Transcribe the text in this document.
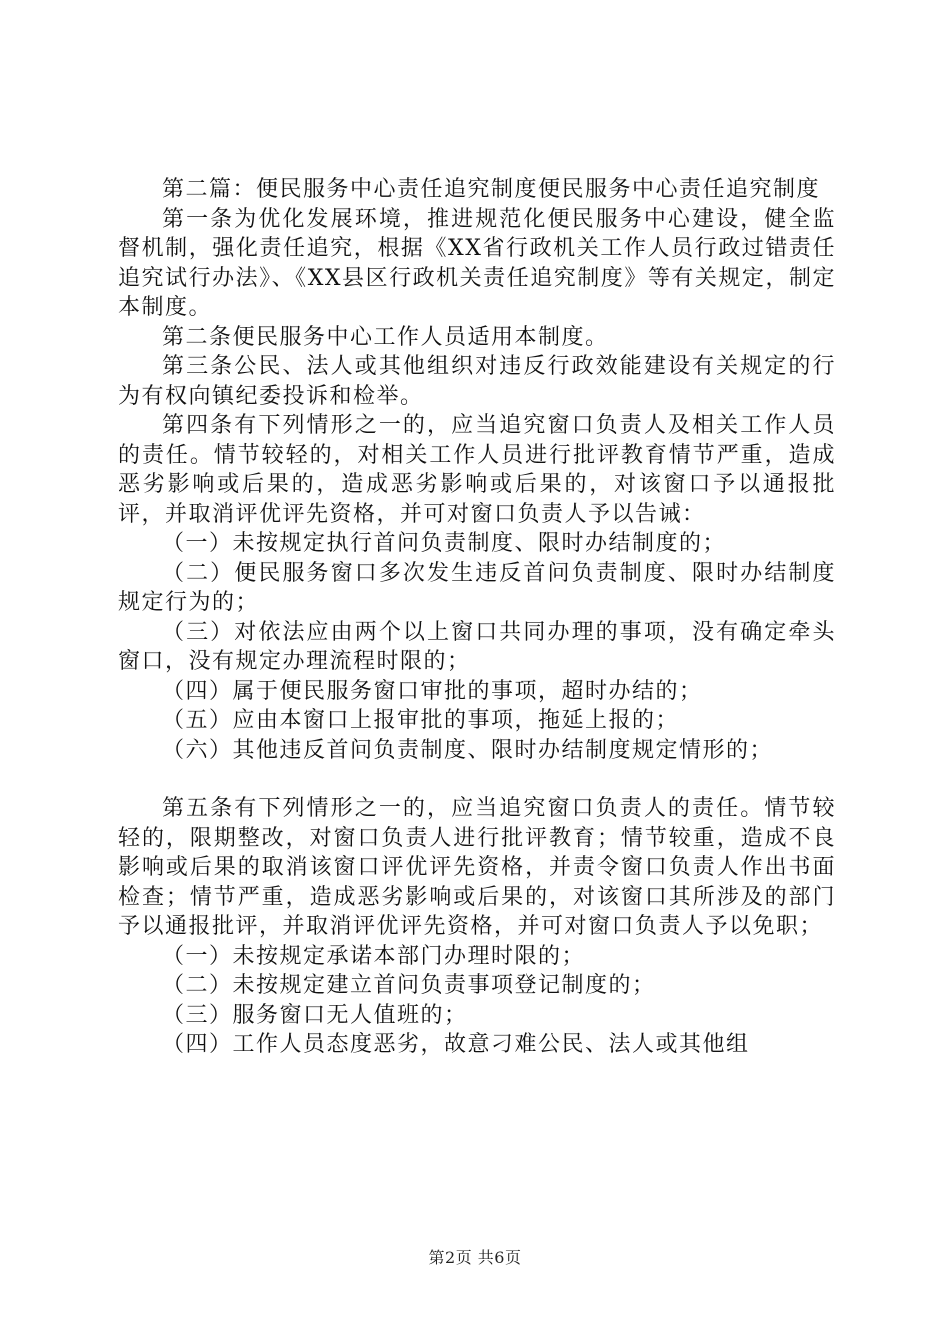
第二篇：便民服务中心责任追究制度便民服务中心责任追究制度

第一条为优化发展环境，推进规范化便民服务中心建设，健全监督机制，强化责任追究，根据《XX省行政机关工作人员行政过错责任追究试行办法》、《XX县区行政机关责任追究制度》等有关规定，制定本制度。

第二条便民服务中心工作人员适用本制度。

第三条公民、法人或其他组织对违反行政效能建设有关规定的行为有权向镇纪委投诉和检举。

第四条有下列情形之一的，应当追究窗口负责人及相关工作人员的责任。情节较轻的，对相关工作人员进行批评教育情节严重，造成恶劣影响或后果的，造成恶劣影响或后果的，对该窗口予以通报批评，并取消评优评先资格，并可对窗口负责人予以告诫：

（一）未按规定执行首问负责制度、限时办结制度的；

（二）便民服务窗口多次发生违反首问负责制度、限时办结制度规定行为的；

（三）对依法应由两个以上窗口共同办理的事项，没有确定牵头窗口，没有规定办理流程时限的；

（四）属于便民服务窗口审批的事项，超时办结的；

（五）应由本窗口上报审批的事项，拖延上报的；

（六）其他违反首问负责制度、限时办结制度规定情形的；

第五条有下列情形之一的，应当追究窗口负责人的责任。情节较轻的，限期整改，对窗口负责人进行批评教育；情节较重，造成不良影响或后果的取消该窗口评优评先资格，并责令窗口负责人作出书面检查；情节严重，造成恶劣影响或后果的，对该窗口其所涉及的部门予以通报批评，并取消评优评先资格，并可对窗口负责人予以免职；

（一）未按规定承诺本部门办理时限的；

（二）未按规定建立首问负责事项登记制度的；

（三）服务窗口无人值班的；

（四）工作人员态度恶劣，故意刁难公民、法人或其他组

第2页 共6页
